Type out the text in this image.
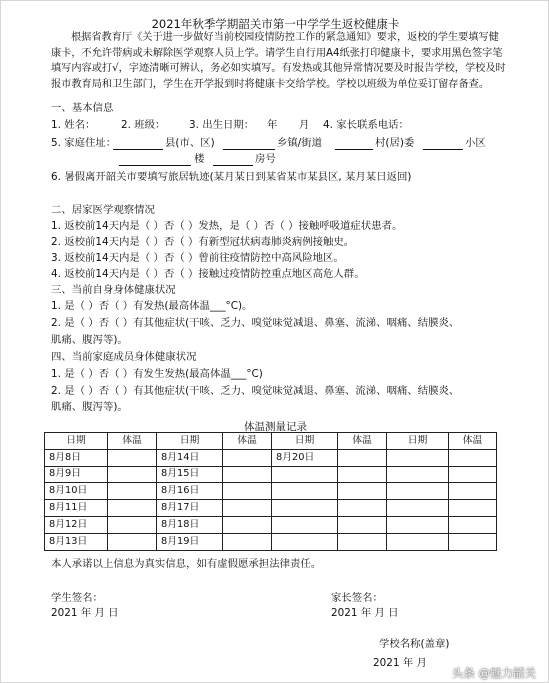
2021年秋季学期韶关市第一中学学生返校健康卡
根据省教育厅《关于进一步做好当前校园疫情防控工作的紧急通知》要求，返校的学生要填写健康卡，不允许带病或未解除医学观察人员上学。请学生自行用A4纸张打印健康卡，要求用黑色签字笔填写内容或打√，字迹清晰可辨认，务必如实填写。有发热或其他异常情况要及时报告学校，学校及时报市教育局和卫生部门，学生在开学报到时将健康卡交给学校。学校以班级为单位妥订留存备查。
一、基本信息
1. 姓名： 2. 班级： 3. 出生日期： 年 月 4. 家长联系电话：
5. 家庭住址：	县(市、区)	乡镇/街道	村(居)委	小区
楼	房号
6. 暑假离开韶关市要填写旅居轨迹(某月某日到某省某市某县区, 某月某日返回)
二、居家医学观察情况
1. 返校前14天内是（ ）否（ ）发热，是（ ）否（ ）接触呼吸道症状患者。
2. 返校前14天内是（ ）否（ ）有新型冠状病毒肺炎病例接触史。
3. 返校前14天内是（ ）否（ ）曾前往疫情防控中高风险地区。
4. 返校前14天内是（ ）否（ ）接触过疫情防控重点地区高危人群。
三、当前自身身体健康状况
1. 是（ ）否（ ）有发热(最高体温___°C)。
2. 是（ ）否（ ）有其他症状(干咳、乏力、嗅觉味觉减退、鼻塞、流涕、咽痛、结膜炎、
肌痛、腹泻等)。
四、当前家庭成员身体健康状况
1. 是（ ）否（ ）有发生发热(最高体温___°C)
2. 是（ ）否（ ）有其他症状(干咳、乏力、嗅觉味觉减退、鼻塞、流涕、咽痛、结膜炎、
肌痛、腹泻等)。
体温测量记录
日期	体温	日期	体温	日期	体温	日期	体温
8月8日		8月14日		8月20日			
8月9日		8月15日					
8月10日		8月16日					
8月11日		8月17日					
8月12日		8月18日					
8月13日		8月19日					
本人承诺以上信息为真实信息，如有虚假愿承担法律责任。
学生签名：	家长签名：
2021 年 月 日	2021 年 月 日
学校名称(盖章)
2021 年 月
头条 @魅力韶关
